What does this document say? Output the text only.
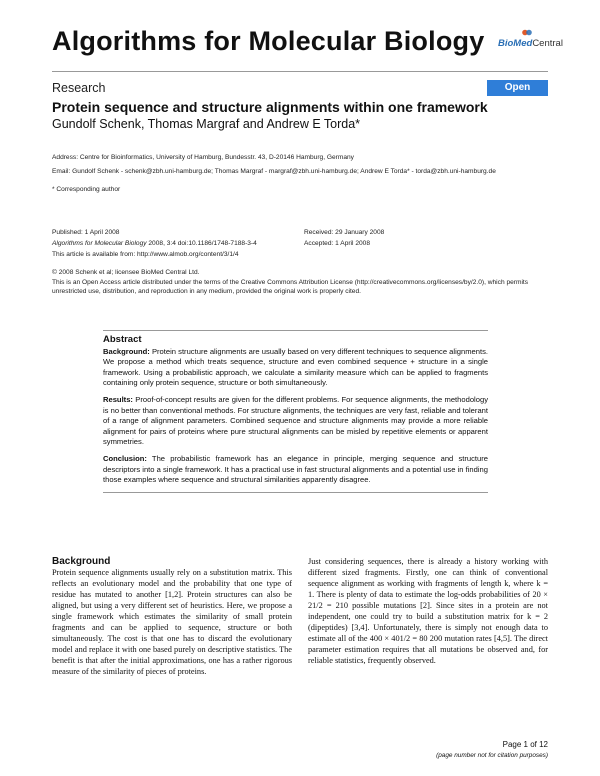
Algorithms for Molecular Biology BioMedCentral
Research	Open Access
Protein sequence and structure alignments within one framework
Gundolf Schenk, Thomas Margraf and Andrew E Torda*
Address: Centre for Bioinformatics, University of Hamburg, Bundesstr. 43, D-20146 Hamburg, Germany
Email: Gundolf Schenk - schenk@zbh.uni-hamburg.de; Thomas Margraf - margraf@zbh.uni-hamburg.de; Andrew E Torda* - torda@zbh.uni-hamburg.de
* Corresponding author
Published: 1 April 2008	Received: 29 January 2008
Algorithms for Molecular Biology 2008, 3:4 doi:10.1186/1748-7188-3-4	Accepted: 1 April 2008
This article is available from: http://www.almob.org/content/3/1/4
© 2008 Schenk et al; licensee BioMed Central Ltd.
This is an Open Access article distributed under the terms of the Creative Commons Attribution License (http://creativecommons.org/licenses/by/2.0), which permits unrestricted use, distribution, and reproduction in any medium, provided the original work is properly cited.
Abstract

Background: Protein structure alignments are usually based on very different techniques to sequence alignments. We propose a method which treats sequence, structure and even combined sequence + structure in a single framework. Using a probabilistic approach, we calculate a similarity measure which can be applied to fragments containing only protein sequence, structure or both simultaneously.

Results: Proof-of-concept results are given for the different problems. For sequence alignments, the methodology is no better than conventional methods. For structure alignments, the techniques are very fast, reliable and tolerant of a range of alignment parameters. Combined sequence and structure alignments may provide a more reliable alignment for pairs of proteins where pure structural alignments can be misled by repetitive elements or apparent symmetries.

Conclusion: The probabilistic framework has an elegance in principle, merging sequence and structure descriptors into a single framework. It has a practical use in fast structural alignments and a potential use in finding those examples where sequence and structural similarities apparently disagree.

Background

Protein sequence alignments usually rely on a substitution matrix. This reflects an evolutionary model and the probability that one type of residue has mutated to another [1,2]. Protein structures can also be aligned, but using a very different set of heuristics. Here, we propose a single framework which estimates the similarity of small protein fragments and can be applied to sequence, structure or both simultaneously. The cost is that one has to discard the evolutionary model and replace it with one based purely on descriptive statistics. The benefit is that after the initial approximations, one has a rather rigorous measure of the similarity of pieces of proteins.

Just considering sequences, there is already a history working with different sized fragments. Firstly, one can think of conventional sequence alignment as working with fragments of length k, where k = 1. There is plenty of data to estimate the log-odds probabilities of 20 × 21/2 = 210 possible mutations [2]. Since sites in a protein are not independent, one could try to build a substitution matrix for k = 2 (dipeptides) [3,4]. Unfortunately, there is simply not enough data to estimate all of the 400 × 401/2 = 80 200 mutation rates [4,5]. The direct parameter estimation requires that all mutations be observed and, for reliable statistics, frequently observed.

Page 1 of 12
(page number not for citation purposes)
